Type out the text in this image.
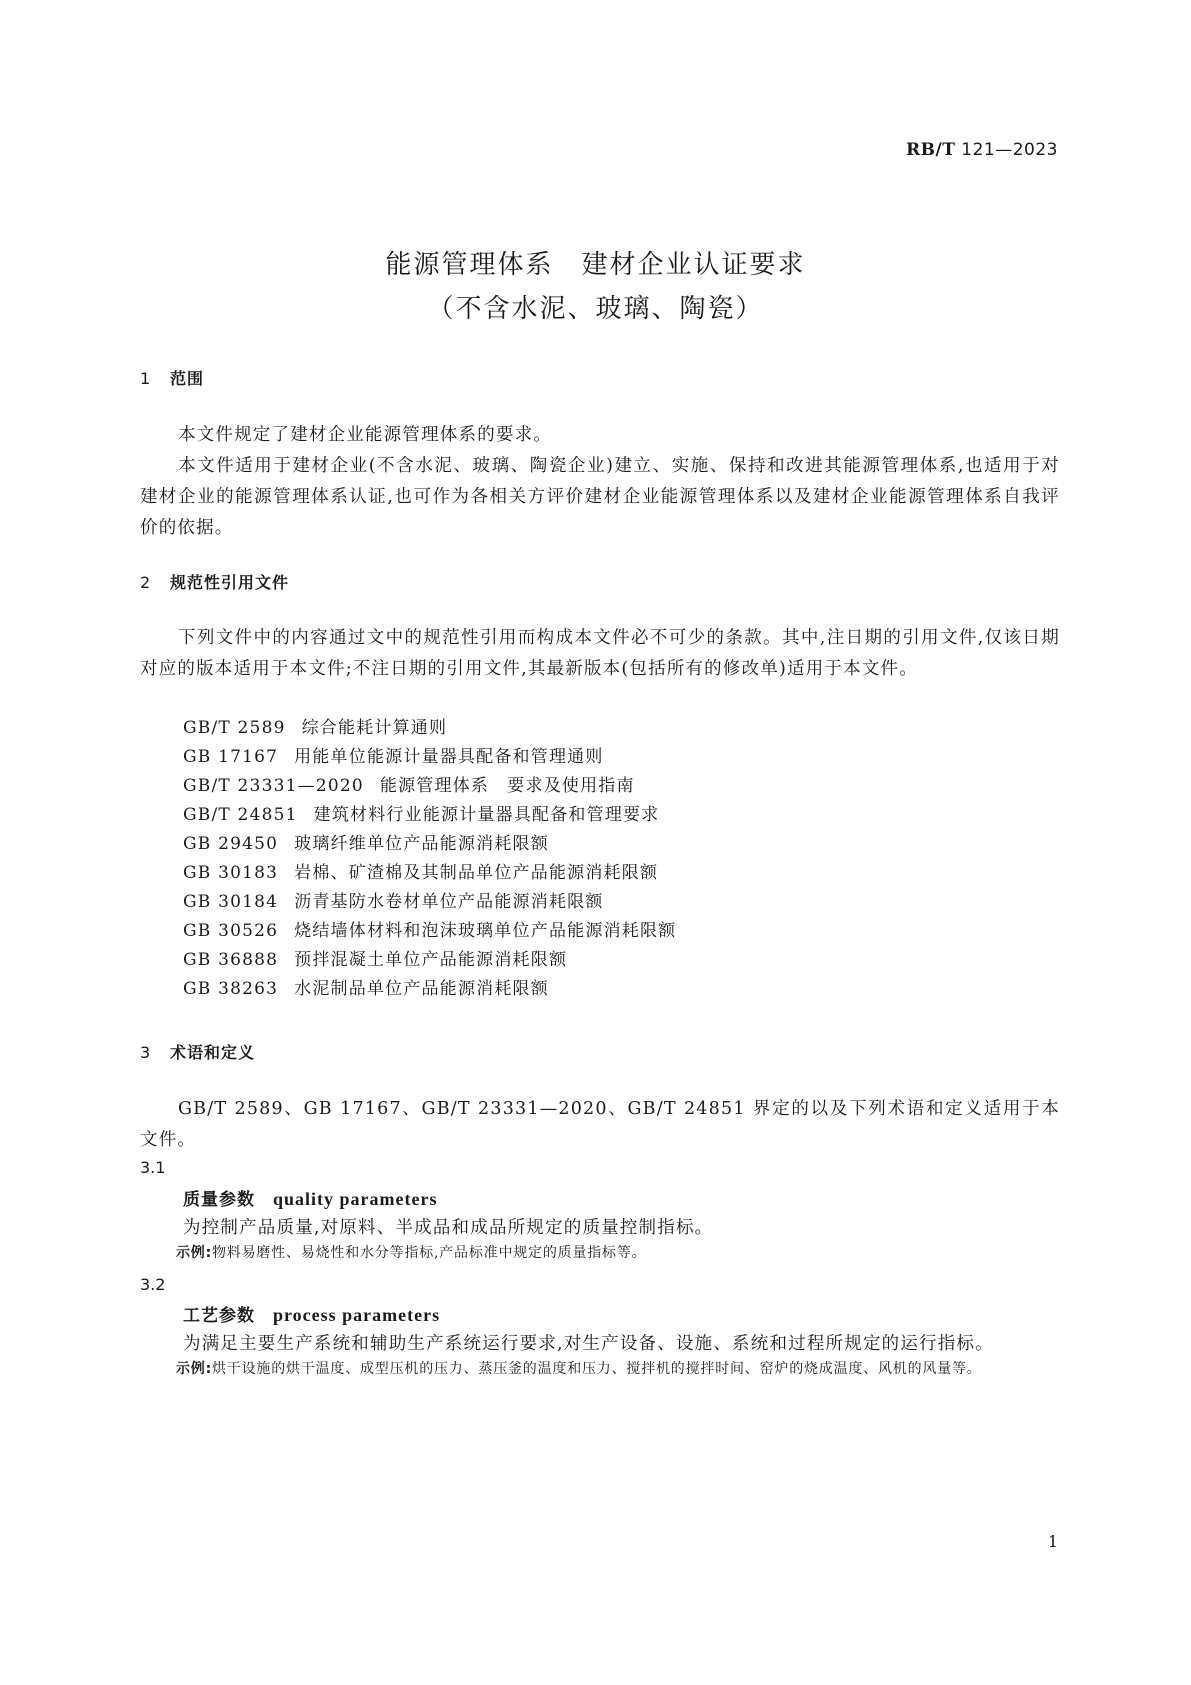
RB/T 121—2023
能源管理体系　建材企业认证要求
（不含水泥、玻璃、陶瓷）
1 范围
本文件规定了建材企业能源管理体系的要求。
本文件适用于建材企业(不含水泥、玻璃、陶瓷企业)建立、实施、保持和改进其能源管理体系,也适用于对建材企业的能源管理体系认证,也可作为各相关方评价建材企业能源管理体系以及建材企业能源管理体系自我评价的依据。
2 规范性引用文件
下列文件中的内容通过文中的规范性引用而构成本文件必不可少的条款。其中,注日期的引用文件,仅该日期对应的版本适用于本文件;不注日期的引用文件,其最新版本(包括所有的修改单)适用于本文件。
GB/T 2589 综合能耗计算通则
GB 17167 用能单位能源计量器具配备和管理通则
GB/T 23331—2020 能源管理体系　要求及使用指南
GB/T 24851 建筑材料行业能源计量器具配备和管理要求
GB 29450 玻璃纤维单位产品能源消耗限额
GB 30183 岩棉、矿渣棉及其制品单位产品能源消耗限额
GB 30184 沥青基防水卷材单位产品能源消耗限额
GB 30526 烧结墙体材料和泡沫玻璃单位产品能源消耗限额
GB 36888 预拌混凝土单位产品能源消耗限额
GB 38263 水泥制品单位产品能源消耗限额
3 术语和定义
GB/T 2589、GB 17167、GB/T 23331—2020、GB/T 24851 界定的以及下列术语和定义适用于本文件。
3.1
质量参数 quality parameters
为控制产品质量,对原料、半成品和成品所规定的质量控制指标。
示例:物料易磨性、易烧性和水分等指标,产品标准中规定的质量指标等。
3.2
工艺参数 process parameters
为满足主要生产系统和辅助生产系统运行要求,对生产设备、设施、系统和过程所规定的运行指标。
示例:烘干设施的烘干温度、成型压机的压力、蒸压釜的温度和压力、搅拌机的搅拌时间、窑炉的烧成温度、风机的风量等。
1
